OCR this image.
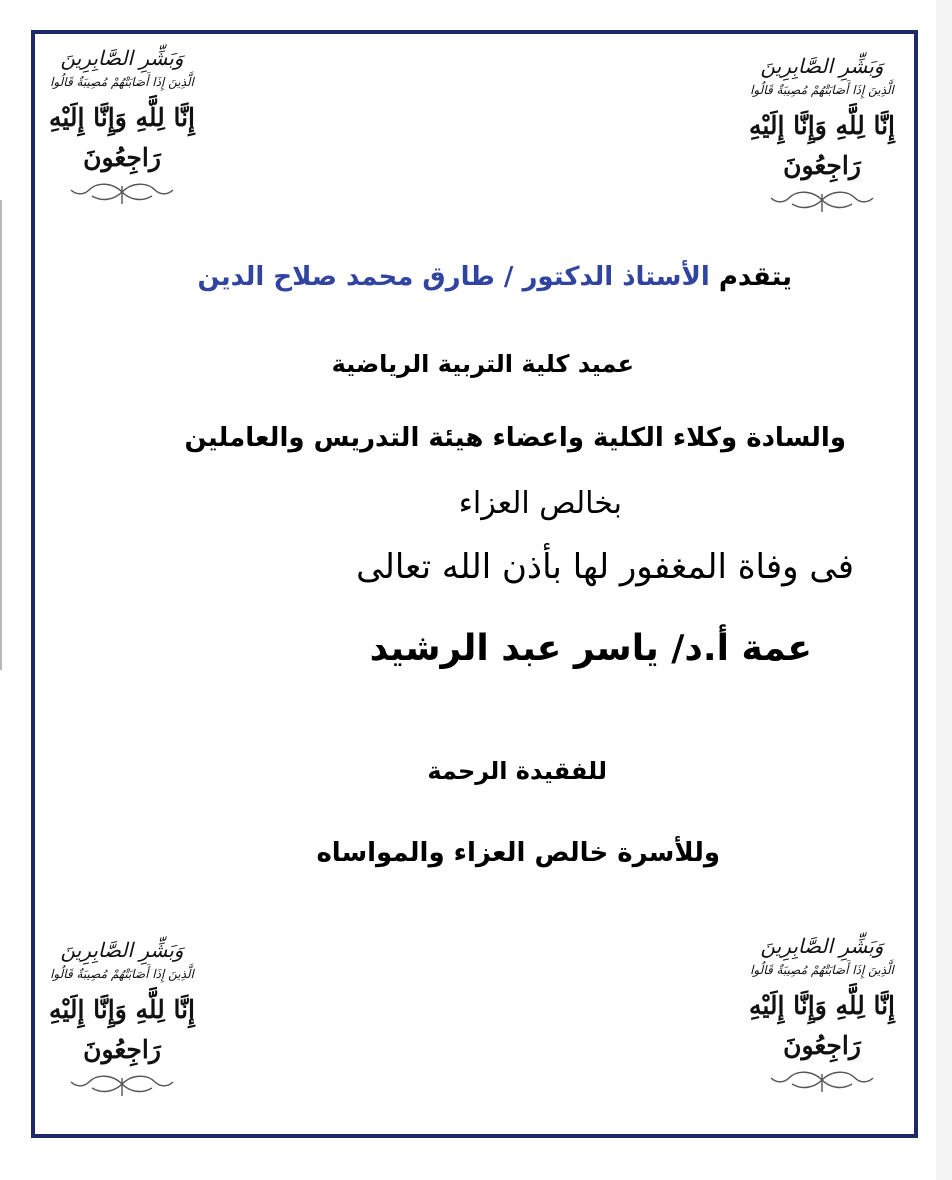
وَبَشِّرِ الصَّابِرِينَ
الَّذِينَ إِذَا أَصَابَتْهُمْ مُصِيبَةٌ قَالُوا
إِنَّا لِلَّهِ وَإِنَّا إِلَيْهِ رَاجِعُونَ
وَبَشِّرِ الصَّابِرِينَ
الَّذِينَ إِذَا أَصَابَتْهُمْ مُصِيبَةٌ قَالُوا
إِنَّا لِلَّهِ وَإِنَّا إِلَيْهِ رَاجِعُونَ
وَبَشِّرِ الصَّابِرِينَ
الَّذِينَ إِذَا أَصَابَتْهُمْ مُصِيبَةٌ قَالُوا
إِنَّا لِلَّهِ وَإِنَّا إِلَيْهِ رَاجِعُونَ
وَبَشِّرِ الصَّابِرِينَ
الَّذِينَ إِذَا أَصَابَتْهُمْ مُصِيبَةٌ قَالُوا
إِنَّا لِلَّهِ وَإِنَّا إِلَيْهِ رَاجِعُونَ
يتقدم الأستاذ الدكتور / طارق محمد صلاح الدين
عميد كلية التربية الرياضية
والسادة وكلاء الكلية واعضاء هيئة التدريس والعاملين
بخالص العزاء
فى وفاة المغفور لها بأذن الله تعالى
عمة أ.د/ ياسر عبد الرشيد
للفقيدة الرحمة
وللأسرة خالص العزاء والمواساه
